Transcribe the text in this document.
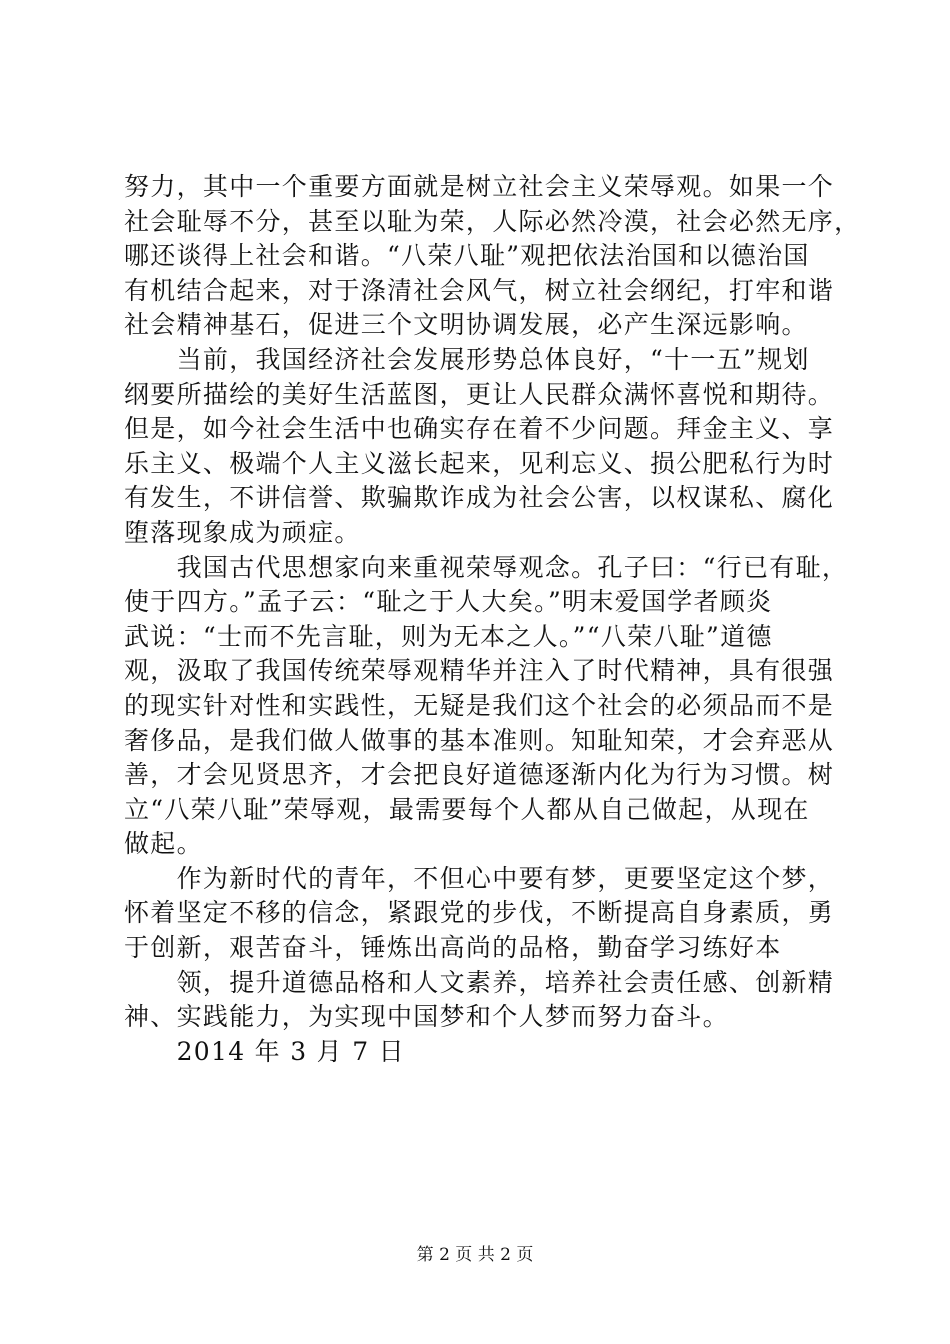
努力，其中一个重要方面就是树立社会主义荣辱观。如果一个
社会耻辱不分，甚至以耻为荣，人际必然冷漠，社会必然无序，
哪还谈得上社会和谐。“八荣八耻”观把依法治国和以德治国
有机结合起来，对于涤清社会风气，树立社会纲纪，打牢和谐
社会精神基石，促进三个文明协调发展，必产生深远影响。
　　当前，我国经济社会发展形势总体良好，“十一五”规划
纲要所描绘的美好生活蓝图，更让人民群众满怀喜悦和期待。
但是，如今社会生活中也确实存在着不少问题。拜金主义、享
乐主义、极端个人主义滋长起来，见利忘义、损公肥私行为时
有发生，不讲信誉、欺骗欺诈成为社会公害，以权谋私、腐化
堕落现象成为顽症。
　　我国古代思想家向来重视荣辱观念。孔子曰：“行已有耻，
使于四方。”孟子云：“耻之于人大矣。”明末爱国学者顾炎
武说：“士而不先言耻，则为无本之人。”“八荣八耻”道德
观，汲取了我国传统荣辱观精华并注入了时代精神，具有很强
的现实针对性和实践性，无疑是我们这个社会的必须品而不是
奢侈品，是我们做人做事的基本准则。知耻知荣，才会弃恶从
善，才会见贤思齐，才会把良好道德逐渐内化为行为习惯。树
立“八荣八耻”荣辱观，最需要每个人都从自己做起，从现在
做起。
　　作为新时代的青年，不但心中要有梦，更要坚定这个梦，
怀着坚定不移的信念，紧跟党的步伐，不断提高自身素质，勇
于创新，艰苦奋斗，锤炼出高尚的品格，勤奋学习练好本
　　领，提升道德品格和人文素养，培养社会责任感、创新精
神、实践能力，为实现中国梦和个人梦而努力奋斗。
　　2014 年 3 月 7 日
第 2 页 共 2 页
